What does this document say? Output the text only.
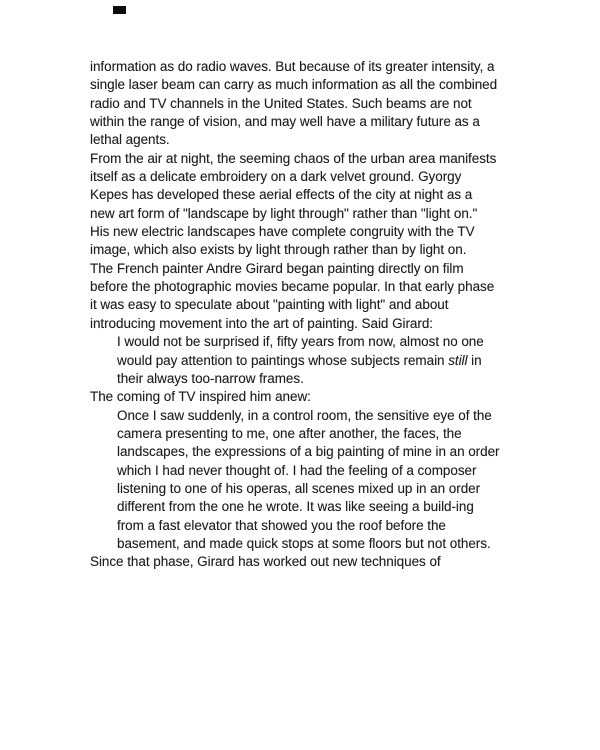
information as do radio waves. But because of its greater intensity, a
single laser beam can carry as much information as all the combined
radio and TV channels in the United States. Such beams are not
within the range of vision, and may well have a military future as a
lethal agents.
From the air at night, the seeming chaos of the urban area manifests
itself as a delicate embroidery on a dark velvet ground. Gyorgy
Kepes has developed these aerial effects of the city at night as a
new art form of "landscape by light through" rather than "light on."
His new electric landscapes have complete congruity with the TV
image, which also exists by light through rather than by light on.
The French painter Andre Girard began painting directly on film
before the photographic movies became popular. In that early phase
it was easy to speculate about "painting with light" and about
introducing movement into the art of painting. Said Girard:
I would not be surprised if, fifty years from now, almost no one
would pay attention to paintings whose subjects remain still in
their always too-narrow frames.
The coming of TV inspired him anew:
Once I saw suddenly, in a control room, the sensitive eye of the
camera presenting to me, one after another, the faces, the
landscapes, the expressions of a big painting of mine in an order
which I had never thought of. I had the feeling of a composer
listening to one of his operas, all scenes mixed up in an order
different from the one he wrote. It was like seeing a build-ing
from a fast elevator that showed you the roof before the
basement, and made quick stops at some floors but not others.
Since that phase, Girard has worked out new techniques of
